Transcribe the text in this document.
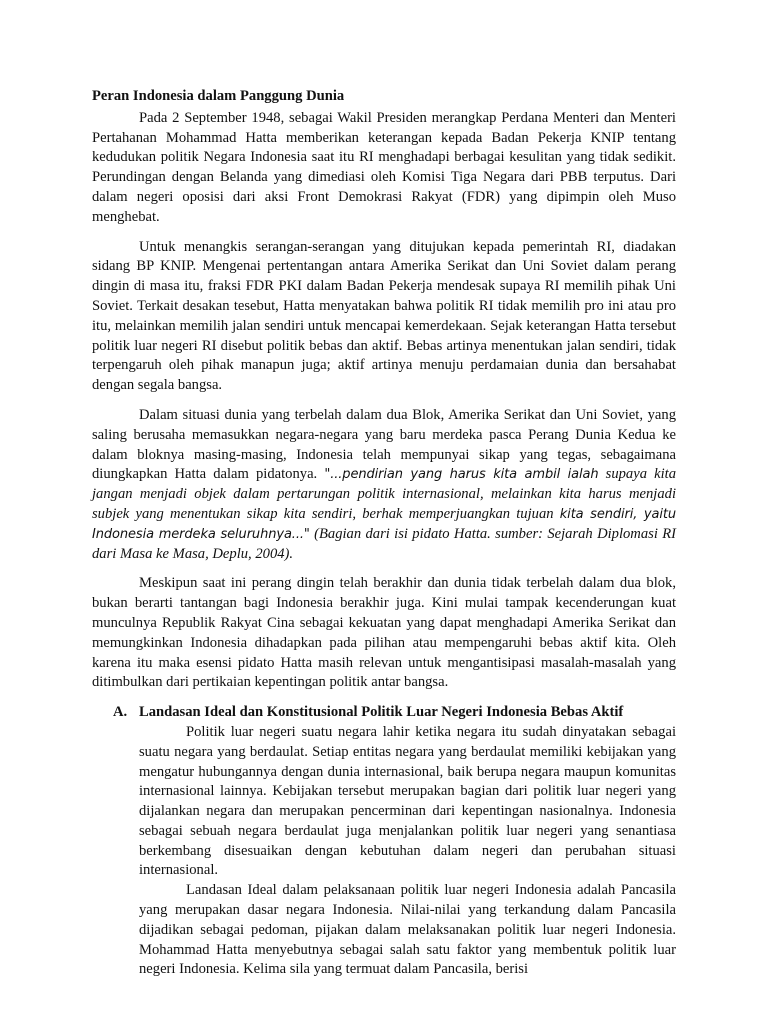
Peran Indonesia dalam Panggung Dunia

Pada 2 September 1948, sebagai Wakil Presiden merangkap Perdana Menteri dan Menteri Pertahanan Mohammad Hatta memberikan keterangan kepada Badan Pekerja KNIP tentang kedudukan politik Negara Indonesia saat itu RI menghadapi berbagai kesulitan yang tidak sedikit. Perundingan dengan Belanda yang dimediasi oleh Komisi Tiga Negara dari PBB terputus. Dari dalam negeri oposisi dari aksi Front Demokrasi Rakyat (FDR) yang dipimpin oleh Muso menghebat.

Untuk menangkis serangan-serangan yang ditujukan kepada pemerintah RI, diadakan sidang BP KNIP. Mengenai pertentangan antara Amerika Serikat dan Uni Soviet dalam perang dingin di masa itu, fraksi FDR PKI dalam Badan Pekerja mendesak supaya RI memilih pihak Uni Soviet. Terkait desakan tesebut, Hatta menyatakan bahwa politik RI tidak memilih pro ini atau pro itu, melainkan memilih jalan sendiri untuk mencapai kemerdekaan. Sejak keterangan Hatta tersebut politik luar negeri RI disebut politik bebas dan aktif. Bebas artinya menentukan jalan sendiri, tidak terpengaruh oleh pihak manapun juga; aktif artinya menuju perdamaian dunia dan bersahabat dengan segala bangsa.

Dalam situasi dunia yang terbelah dalam dua Blok, Amerika Serikat dan Uni Soviet, yang saling berusaha memasukkan negara-negara yang baru merdeka pasca Perang Dunia Kedua ke dalam bloknya masing-masing, Indonesia telah mempunyai sikap yang tegas, sebagaimana diungkapkan Hatta dalam pidatonya. "...pendirian yang harus kita ambil ialah supaya kita jangan menjadi objek dalam pertarungan politik internasional, melainkan kita harus menjadi subjek yang menentukan sikap kita sendiri, berhak memperjuangkan tujuan kita sendiri, yaitu Indonesia merdeka seluruhnya..." (Bagian dari isi pidato Hatta. sumber: Sejarah Diplomasi RI dari Masa ke Masa, Deplu, 2004).

Meskipun saat ini perang dingin telah berakhir dan dunia tidak terbelah dalam dua blok, bukan berarti tantangan bagi Indonesia berakhir juga. Kini mulai tampak kecenderungan kuat munculnya Republik Rakyat Cina sebagai kekuatan yang dapat menghadapi Amerika Serikat dan memungkinkan Indonesia dihadapkan pada pilihan atau mempengaruhi bebas aktif kita. Oleh karena itu maka esensi pidato Hatta masih relevan untuk mengantisipasi masalah-masalah yang ditimbulkan dari pertikaian kepentingan politik antar bangsa.

A. Landasan Ideal dan Konstitusional Politik Luar Negeri Indonesia Bebas Aktif

Politik luar negeri suatu negara lahir ketika negara itu sudah dinyatakan sebagai suatu negara yang berdaulat. Setiap entitas negara yang berdaulat memiliki kebijakan yang mengatur hubungannya dengan dunia internasional, baik berupa negara maupun komunitas internasional lainnya. Kebijakan tersebut merupakan bagian dari politik luar negeri yang dijalankan negara dan merupakan pencerminan dari kepentingan nasionalnya. Indonesia sebagai sebuah negara berdaulat juga menjalankan politik luar negeri yang senantiasa berkembang disesuaikan dengan kebutuhan dalam negeri dan perubahan situasi internasional.

Landasan Ideal dalam pelaksanaan politik luar negeri Indonesia adalah Pancasila yang merupakan dasar negara Indonesia. Nilai-nilai yang terkandung dalam Pancasila dijadikan sebagai pedoman, pijakan dalam melaksanakan politik luar negeri Indonesia. Mohammad Hatta menyebutnya sebagai salah satu faktor yang membentuk politik luar negeri Indonesia. Kelima sila yang termuat dalam Pancasila, berisi
